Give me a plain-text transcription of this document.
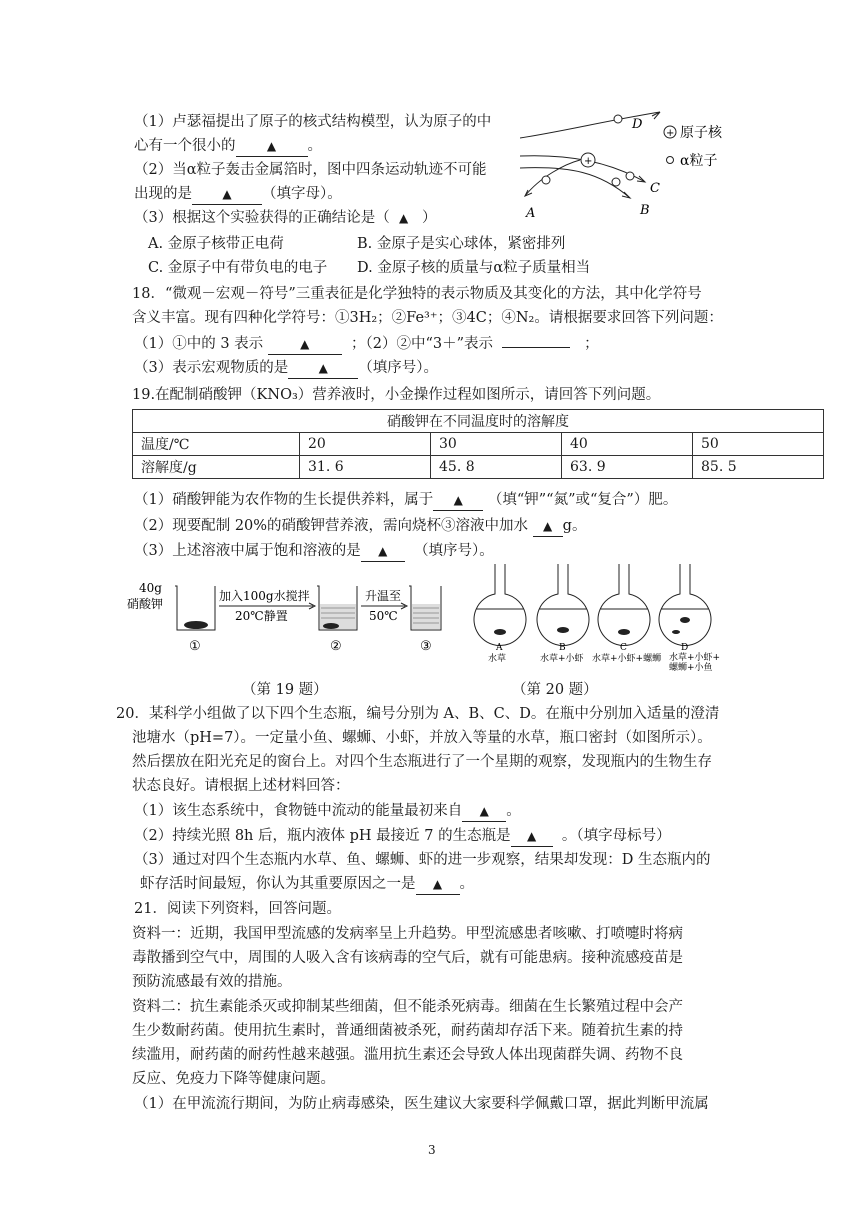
（1）卢瑟福提出了原子的核式结构模型，认为原子的中
心有一个很小的	▲ 。
（2）当α粒子轰击金属箔时，图中四条运动轨迹不可能
出现的是	▲ （填字母）。
（3）根据这个实验获得的正确结论是（ ▲ ）
A. 金原子核带正电荷	B. 金原子是实心球体，紧密排列
C. 金原子中有带负电的电子 D. 金原子核的质量与α粒子质量相当
+
D
C
B
A
+ 原子核
α粒子
18．“微观－宏观－符号”三重表征是化学独特的表示物质及其变化的方法，其中化学符号
含义丰富。现有四种化学符号：①3H₂；②Fe³⁺；③4C；④N₂。请根据要求回答下列问题：
（1）①中的 3 表示	▲	；（2）②中“3＋”表示	；
（3）表示宏观物质的是	▲ （填序号）。
19.在配制硝酸钾（KNO₃）营养液时，小金操作过程如图所示，请回答下列问题。
硝酸钾在不同温度时的溶解度				
温度/℃	20	30	40	50
溶解度/g	31. 6	45. 8	63. 9	85. 5
（1）硝酸钾能为农作物的生长提供养料，属于 ▲ （填“钾”“氮”或“复合”）肥。
（2）现要配制 20%的硝酸钾营养液，需向烧杯③溶液中加水 ▲ g。
（3）上述溶液中属于饱和溶液的是 ▲ （填序号）。
40g
硝酸钾
①
加入100g水搅拌
20℃静置
②
升温至
50℃
③
（第 19 题）
A
水草
B
水草+小虾
C
水草+小虾+螺蛳
D
水草+小虾+
螺蛳+小鱼
（第 20 题）
20．某科学小组做了以下四个生态瓶，编号分别为 A、B、C、D。在瓶中分别加入适量的澄清
池塘水（pH=7）。一定量小鱼、螺蛳、小虾，并放入等量的水草，瓶口密封（如图所示）。
然后摆放在阳光充足的窗台上。对四个生态瓶进行了一个星期的观察，发现瓶内的生物生存
状态良好。请根据上述材料回答：
（1）该生态系统中，食物链中流动的能量最初来自 ▲ 。
（2）持续光照 8h 后，瓶内液体 pH 最接近 7 的生态瓶是 ▲ 。（填字母标号）
（3）通过对四个生态瓶内水草、鱼、螺蛳、虾的进一步观察，结果却发现：D 生态瓶内的
虾存活时间最短，你认为其重要原因之一是 ▲ 。
21．阅读下列资料，回答问题。
资料一：近期，我国甲型流感的发病率呈上升趋势。甲型流感患者咳嗽、打喷嚏时将病
毒散播到空气中，周围的人吸入含有该病毒的空气后，就有可能患病。接种流感疫苗是
预防流感最有效的措施。
资料二：抗生素能杀灭或抑制某些细菌，但不能杀死病毒。细菌在生长繁殖过程中会产
生少数耐药菌。使用抗生素时，普通细菌被杀死，耐药菌却存活下来。随着抗生素的持
续滥用，耐药菌的耐药性越来越强。滥用抗生素还会导致人体出现菌群失调、药物不良
反应、免疫力下降等健康问题。
（1）在甲流流行期间，为防止病毒感染，医生建议大家要科学佩戴口罩，据此判断甲流属
3
